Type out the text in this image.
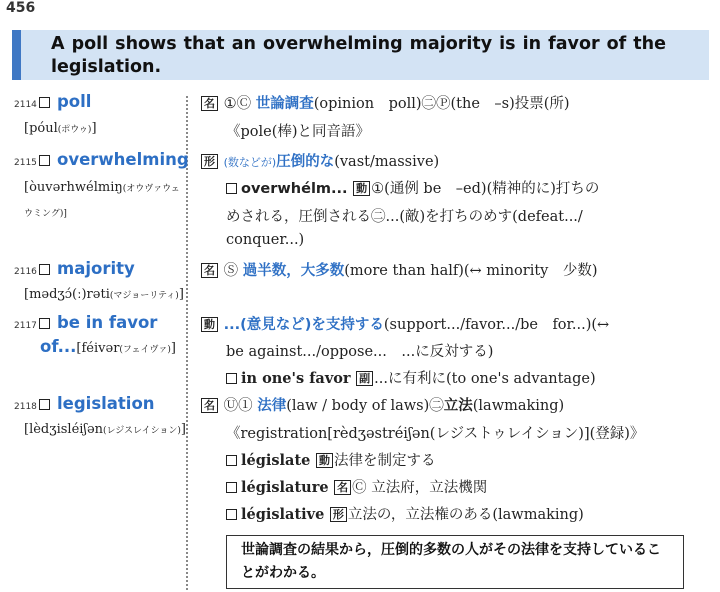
456
A poll shows that an overwhelming majority is in favor of the legislation.
2114 poll
[póul(ポウゥ)]
名 ①Ⓒ 世論調査(opinion　poll)㊁Ⓟ(the　–s)投票(所)
《pole(棒)と同音語》
2115 overwhelming
[òuvərhwélmiŋ(オウヴァウェ
ウミング)]
形 (数などが)圧倒的な(vast/massive)
overwhélm... 動 ①(通例 be　–ed)(精神的に)打ちの
めされる，圧倒される㊁...(敵)を打ちのめす(defeat.../
conquer...)
2116 majority
[mədʒɔ́(ː)rəti(マジョーリティ)]
名 Ⓢ 過半数，大多数(more than half)(↔ minority　少数)
2117 be in favor
of...[féivər(フェイヴァ)]
動 ...(意見など)を支持する(support.../favor.../be　for...)(↔
be against.../oppose...　...に反対する)
in one's favor 副 ...に有利に(to one's advantage)
2118 legislation
[lèdʒisléiʃən(レジスレイション)]
名 Ⓤ① 法律(law / body of laws)㊁立法(lawmaking)
《registration[rèdʒəstréiʃən(レジストゥレイション)](登録)》
législate 動 法律を制定する
législature 名 Ⓒ 立法府，立法機関
législative 形 立法の，立法権のある(lawmaking)
世論調査の結果から，圧倒的多数の人がその法律を支持していることがわかる。
